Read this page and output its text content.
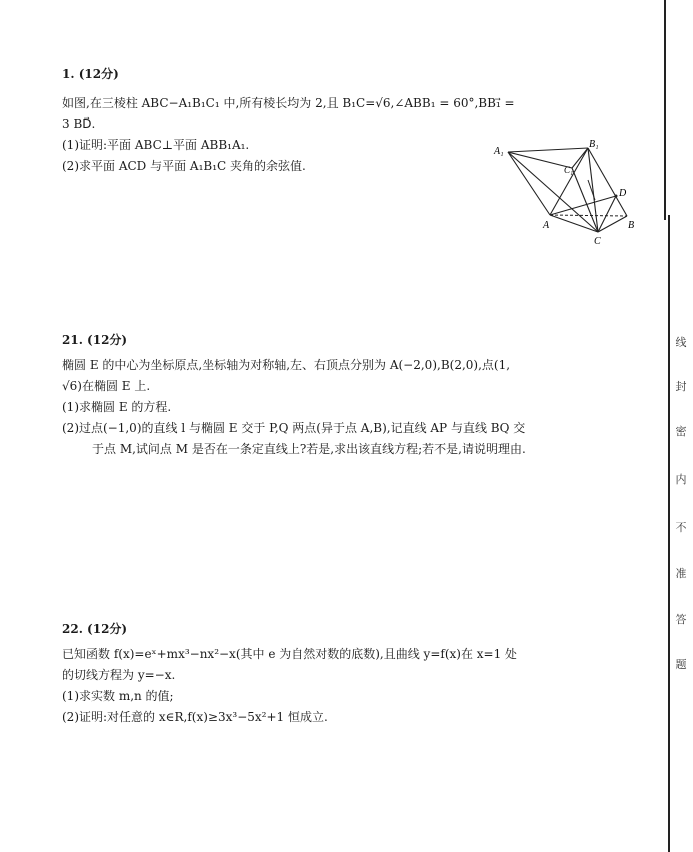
1. (12分)
如图,在三棱柱 ABC−A₁B₁C₁ 中,所有棱长均为 2,且 B₁C=√6,∠ABB₁ = 60°,BB₁⃗ =
3 BD⃗.
(1)证明:平面 ABC⊥平面 ABB₁A₁.
(2)求平面 ACD 与平面 A₁B₁C 夹角的余弦值.
A₁
B₁
C₁
D
A	B
C
21. (12分)
椭圆 E 的中心为坐标原点,坐标轴为对称轴,左、右顶点分别为 A(−2,0),B(2,0),点(1,
√6)在椭圆 E 上.
(1)求椭圆 E 的方程.
(2)过点(−1,0)的直线 l 与椭圆 E 交于 P,Q 两点(异于点 A,B),记直线 AP 与直线 BQ 交
于点 M,试问点 M 是否在一条定直线上?若是,求出该直线方程;若不是,请说明理由.
22. (12分)
已知函数 f(x)=eˣ+mx³−nx²−x(其中 e 为自然对数的底数),且曲线 y=f(x)在 x=1 处
的切线方程为 y=−x.
(1)求实数 m,n 的值;
(2)证明:对任意的 x∈R,f(x)≥3x³−5x²+1 恒成立.
线
封
密
内
不
准
答
题
